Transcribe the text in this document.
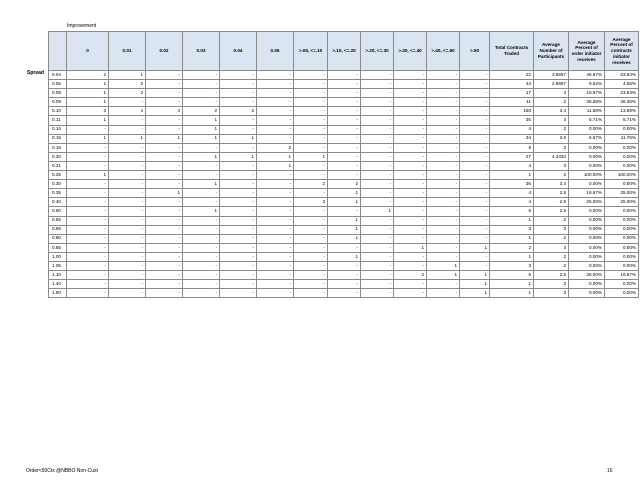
Improvement
Spread
	0	0.01	0.02	0.03	0.04	0.05	>.05, <=.10	>.10, <=.20	>.20, <=.30	>.30, <=.40	>.40, <=.50	>.50	Total Contracts Traded	Average Number of Participants	Average Percent of order initiator receives	Average Percent of contracts initiator receives
0.04	2	1	-	-	-	-	-	-	-	-	-	-	22	3.6667	46.67%	63.64%
0.05	1	2	-	-	-	-	-	-	-	-	-	-	44	2.6667	9.52%	4.55%
0.08	1	2	-	-	-	-	-	-	-	-	-	-	17	4	16.67%	23.53%
0.09	1	-	-	-	-	-	-	-	-	-	-	-	11	2	36.36%	36.36%
0.10	3	4	4	2	2	-	-	-	-	-	-	-	180	3.4	11.58%	13.89%
0.11	1	-	-	1	-	-	-	-	-	-	-	-	35	3	5.71%	5.71%
0.14	-	-	-	1	-	-	-	-	-	-	-	-	4	2	0.00%	0.00%
0.15	1	1	1	1	1	-	-	-	-	-	-	-	34	3.5	6.67%	11.76%
0.18	-	-	-	-	-	2	-	-	-	-	-	-	8	3	0.00%	0.00%
0.20	-	-	-	1	1	1	1	-	-	-	-	-	27	4.3333	0.00%	0.00%
0.21	-	-	-	-	-	1	-	-	-	-	-	-	4	3	0.00%	0.00%
0.25	1	-	-	-	-	-	-	-	-	-	-	-	1	2	100.00%	100.00%
0.30	-	-	-	1	-	-	2	2	-	-	-	-	36	3.4	0.00%	0.00%
0.35	-	-	1	-	-	-	-	1	-	-	-	-	4	2.5	16.67%	25.00%
0.40	-	-	-	-	-	-	3	1	-	-	-	-	4	2.5	25.00%	25.00%
0.50	-	-	-	1	-	-	-	-	1	-	-	-	6	2.5	0.00%	0.00%
0.55	-	-	-	-	-	-	-	1	-	-	-	-	1	2	0.00%	0.00%
0.65	-	-	-	-	-	-	-	1	-	-	-	-	3	3	0.00%	0.00%
0.80	-	-	-	-	-	-	-	1	-	-	-	-	1	2	0.00%	0.00%
0.85	-	-	-	-	-	-	-	-	-	1	-	1	2	3	0.00%	0.00%
1.00	-	-	-	-	-	-	-	1	-	-	-	-	1	2	0.00%	0.00%
1.05	-	-	-	-	-	-	-	-	-	-	1	-	3	2	0.00%	0.00%
1.10	-	-	-	-	-	-	-	-	-	2	1	1	6	2.5	25.00%	16.67%
1.40	-	-	-	-	-	-	-	-	-	-	-	1	1	3	0.00%	0.00%
1.60	-	-	-	-	-	-	-	-	-	-	-	1	1	3	0.00%	0.00%
Order<50Ctx @NBBO Non-Cust	16
